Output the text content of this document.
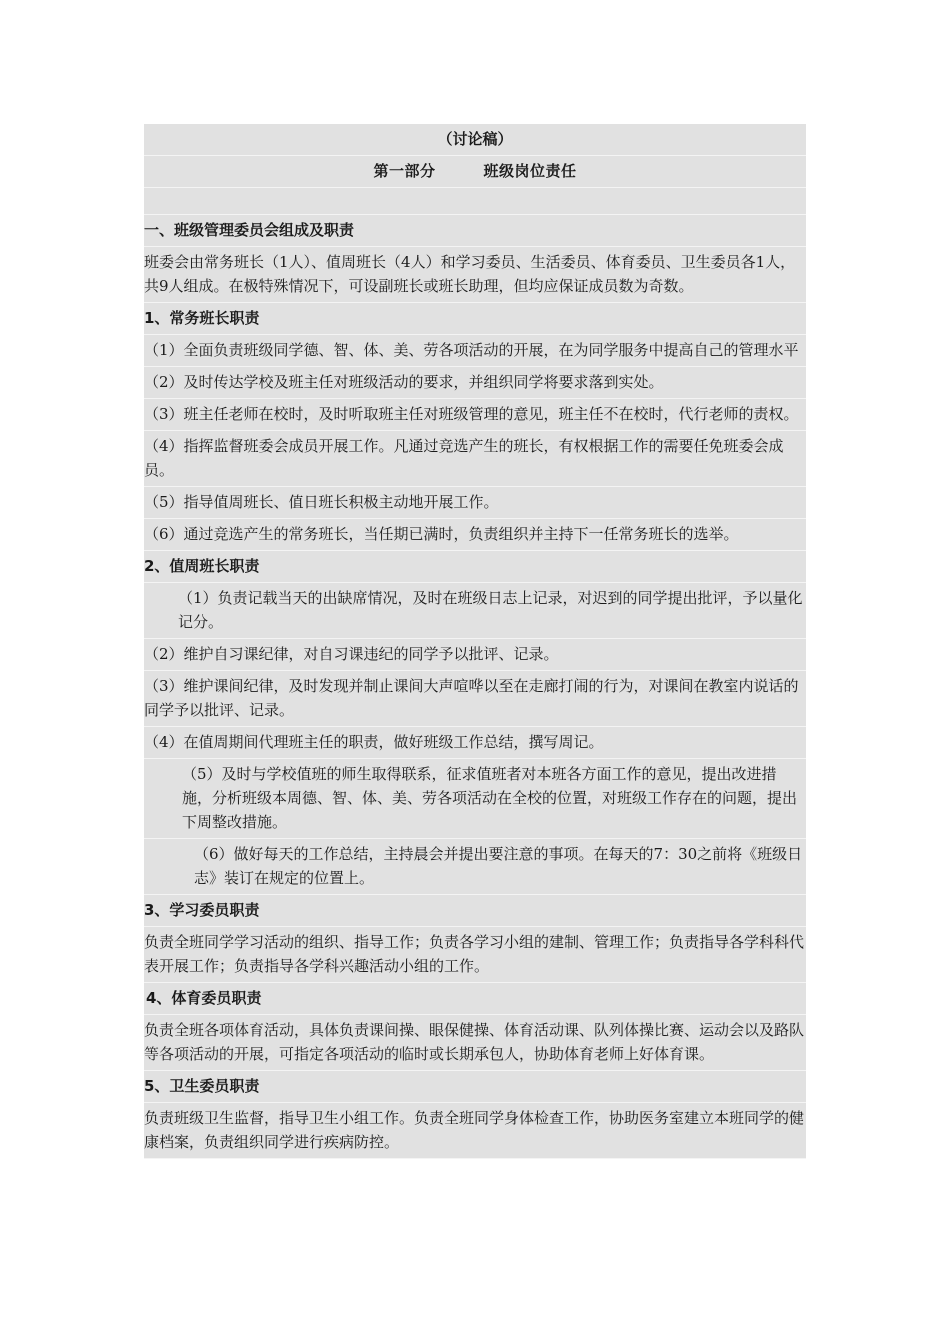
（讨论稿）
第一部分	班级岗位责任
一、班级管理委员会组成及职责
班委会由常务班长（1人）、值周班长（4人）和学习委员、生活委员、体育委员、卫生委员各1人，共9人组成。在极特殊情况下，可设副班长或班长助理，但均应保证成员数为奇数。
1、常务班长职责
（1）全面负责班级同学德、智、体、美、劳各项活动的开展，在为同学服务中提高自己的管理水平
（2）及时传达学校及班主任对班级活动的要求，并组织同学将要求落到实处。
（3）班主任老师在校时，及时听取班主任对班级管理的意见，班主任不在校时，代行老师的责权。
（4）指挥监督班委会成员开展工作。凡通过竞选产生的班长，有权根据工作的需要任免班委会成员。
（5）指导值周班长、值日班长积极主动地开展工作。
（6）通过竞选产生的常务班长，当任期已满时，负责组织并主持下一任常务班长的选举。
2、值周班长职责
（1）负责记载当天的出缺席情况，及时在班级日志上记录，对迟到的同学提出批评，予以量化记分。
（2）维护自习课纪律，对自习课违纪的同学予以批评、记录。
（3）维护课间纪律，及时发现并制止课间大声喧哗以至在走廊打闹的行为，对课间在教室内说话的同学予以批评、记录。
（4）在值周期间代理班主任的职责，做好班级工作总结，撰写周记。
（5）及时与学校值班的师生取得联系，征求值班者对本班各方面工作的意见，提出改进措施，分析班级本周德、智、体、美、劳各项活动在全校的位置，对班级工作存在的问题，提出下周整改措施。
（6）做好每天的工作总结，主持晨会并提出要注意的事项。在每天的7：30之前将《班级日志》装订在规定的位置上。
3、学习委员职责
负责全班同学学习活动的组织、指导工作；负责各学习小组的建制、管理工作；负责指导各学科科代表开展工作；负责指导各学科兴趣活动小组的工作。
4、体育委员职责
负责全班各项体育活动，具体负责课间操、眼保健操、体育活动课、队列体操比赛、运动会以及路队等各项活动的开展，可指定各项活动的临时或长期承包人，协助体育老师上好体育课。
5、卫生委员职责
负责班级卫生监督，指导卫生小组工作。负责全班同学身体检查工作，协助医务室建立本班同学的健康档案，负责组织同学进行疾病防控。
